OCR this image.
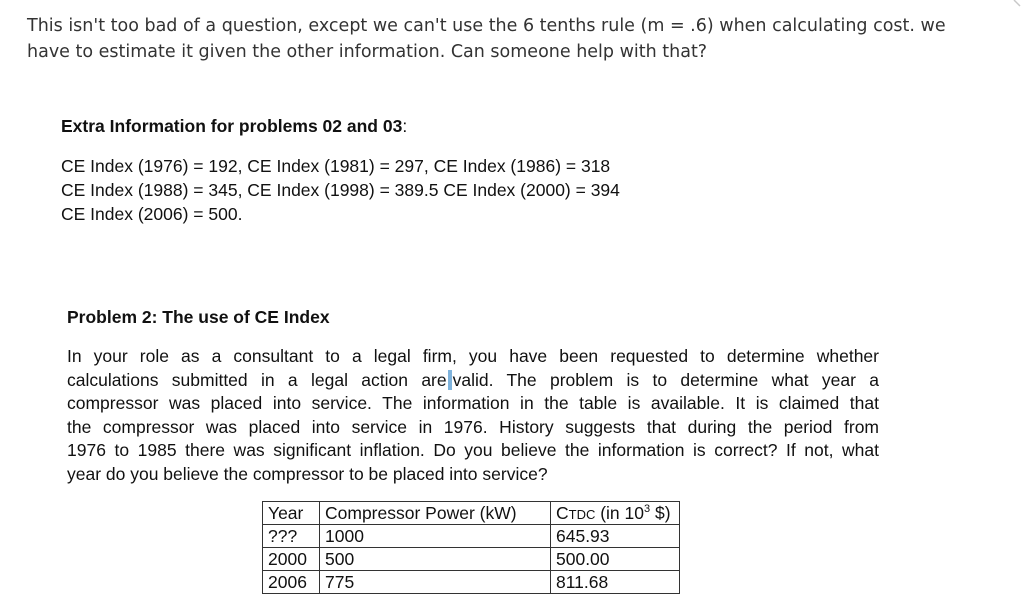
This isn't too bad of a question, except we can't use the 6 tenths rule (m = .6) when calculating cost. we
have to estimate it given the other information. Can someone help with that?
Extra Information for problems 02 and 03:
CE Index (1976) = 192, CE Index (1981) = 297, CE Index (1986) = 318
CE Index (1988) = 345, CE Index (1998) = 389.5 CE Index (2000) = 394
CE Index (2006) = 500.
Problem 2: The use of CE Index
In your role as a consultant to a legal firm, you have been requested to determine whether
calculations submitted in a legal action are valid. The problem is to determine what year a
compressor was placed into service. The information in the table is available. It is claimed that
the compressor was placed into service in 1976. History suggests that during the period from
1976 to 1985 there was significant inflation. Do you believe the information is correct? If not, what
year do you believe the compressor to be placed into service?
Year	Compressor Power (kW)	CTDC (in $10^3$ $)
???	1000	645.93
2000	500	500.00
2006	775	811.68
